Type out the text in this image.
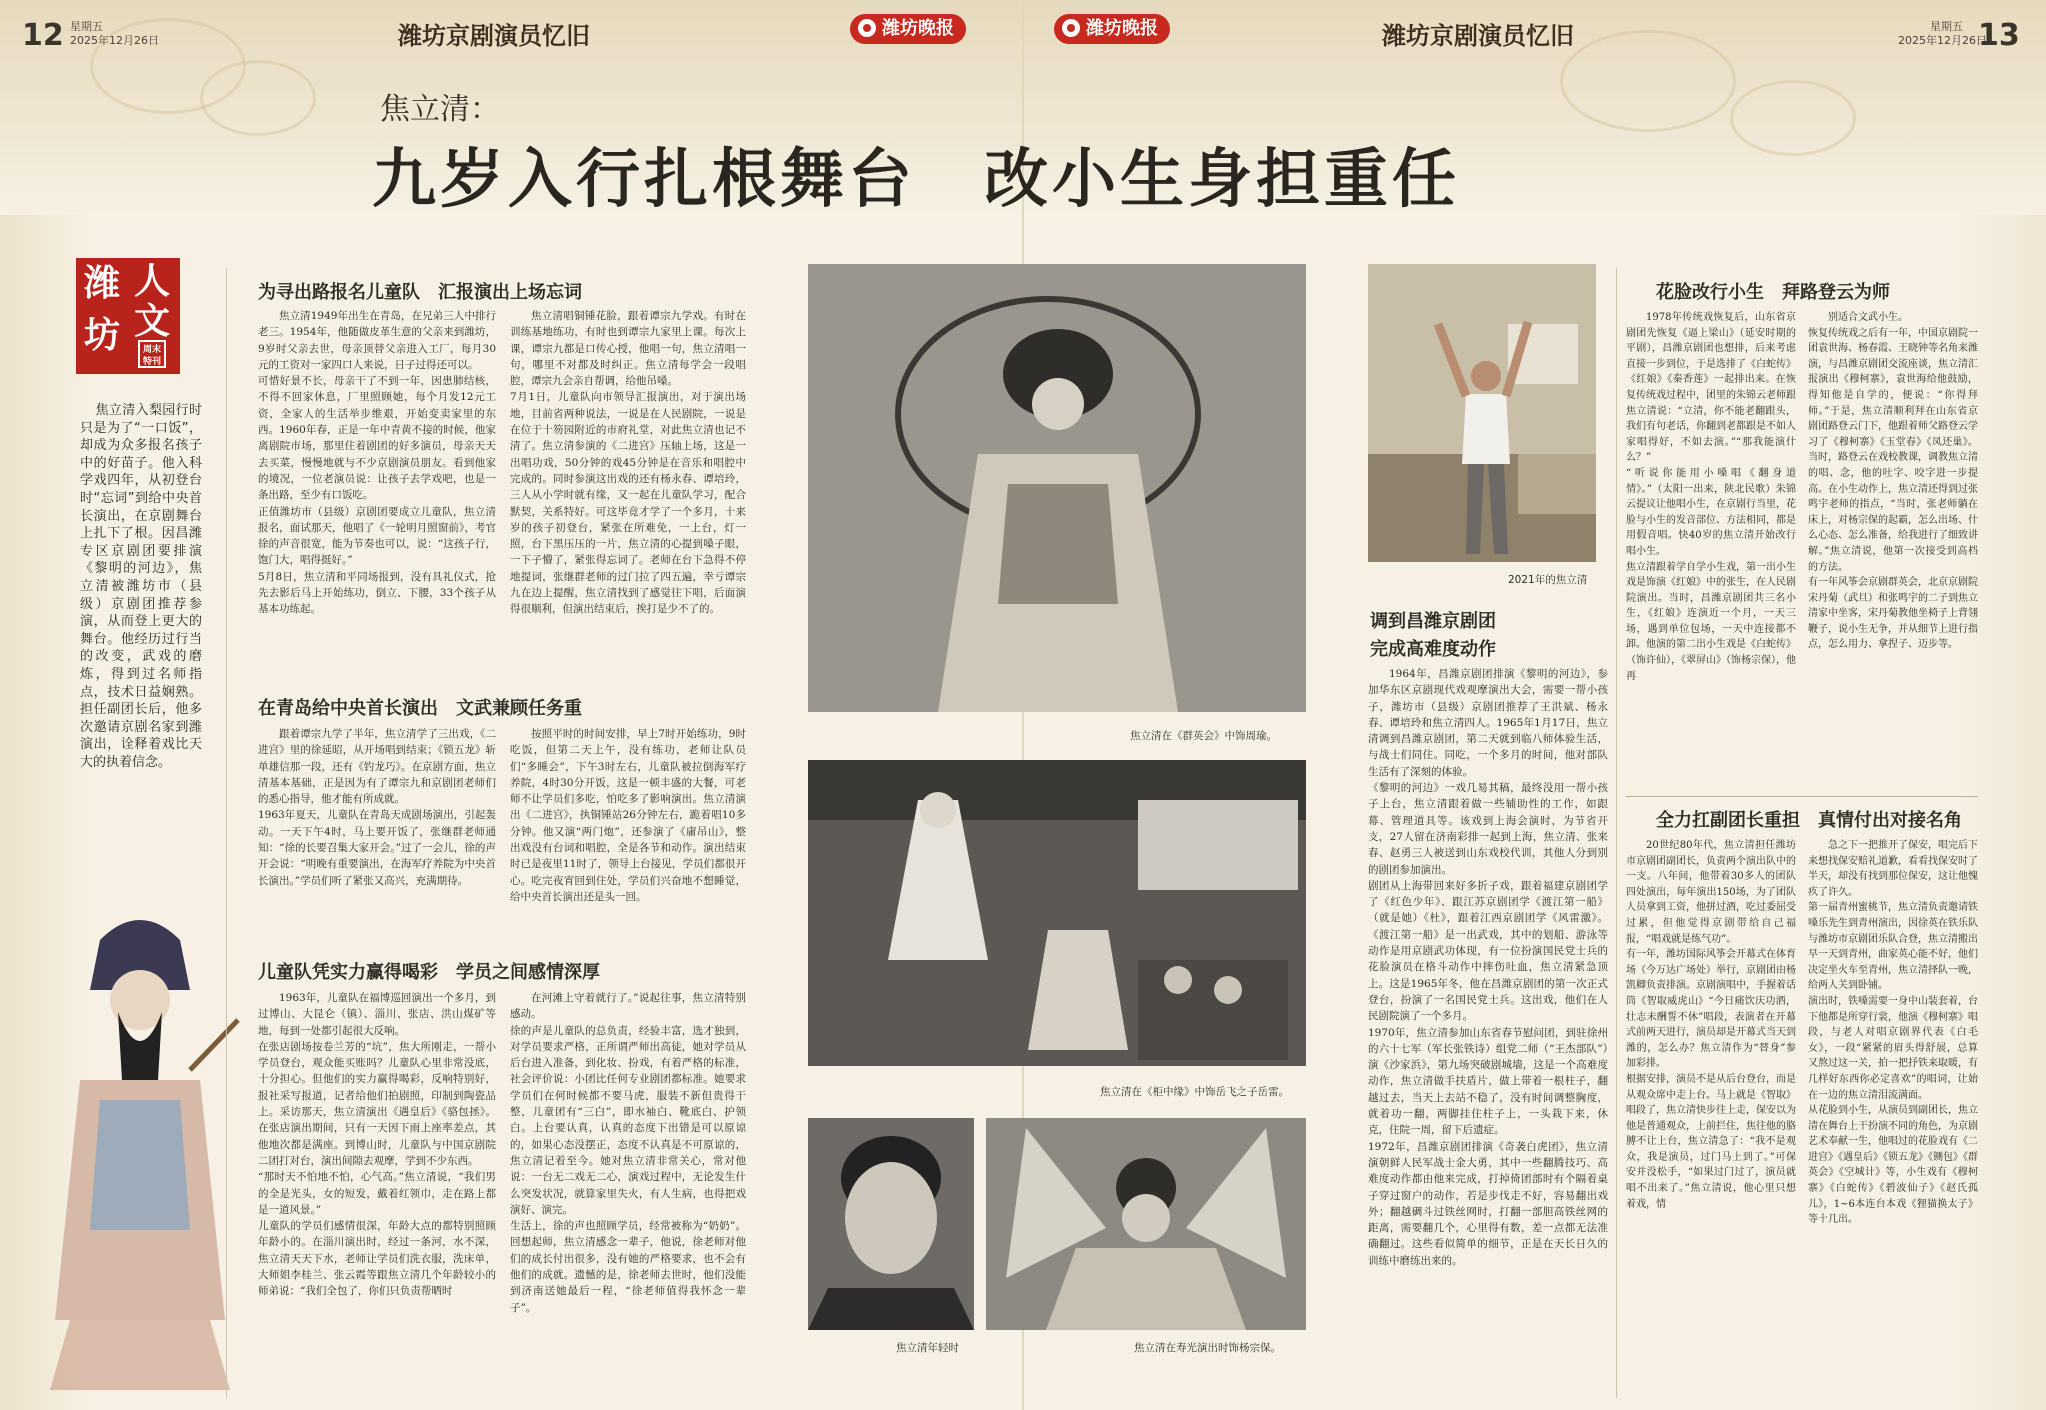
12 星期五
2025年12月26日	潍坊京剧演员忆旧	潍坊晚报	潍坊晚报	潍坊京剧演员忆旧	星期五
2025年12月26日
13
焦立清：
九岁入行扎根舞台　改小生身担重任
潍
坊
人
文
周末特刊
焦立清入梨园行时只是为了“一口饭”，却成为众多报名孩子中的好苗子。他入科学戏四年，从初登台时“忘词”到给中央首长演出，在京剧舞台上扎下了根。因昌潍专区京剧团要排演《黎明的河边》，焦立清被潍坊市（县级）京剧团推荐参演，从而登上更大的舞台。他经历过行当的改变，武戏的磨炼，得到过名师指点，技术日益娴熟。担任副团长后，他多次邀请京剧名家到潍演出，诠释着戏比天大的执着信念。
为寻出路报名儿童队　汇报演出上场忘词
焦立清1949年出生在青岛，在兄弟三人中排行老三。1954年，他随做皮革生意的父亲来到潍坊，9岁时父亲去世，母亲顶替父亲进入工厂，每月30元的工资对一家四口人来说，日子过得还可以。
可惜好景不长，母亲干了不到一年，因患肺结核，不得不回家休息，厂里照顾她，每个月发12元工资，全家人的生活举步维艰，开始变卖家里的东西。1960年春，正是一年中青黄不接的时候，他家离剧院市场，那里住着剧团的好多演员，母亲天天去买菜，慢慢地就与不少京剧演员朋友。看到他家的境况，一位老演员说：让孩子去学戏吧，也是一条出路，至少有口饭吃。
正值潍坊市（县级）京剧团要成立儿童队，焦立清报名，面试那天，他唱了《一轮明月照窗前》，考官徐的声音很宽，能为节奏也可以，说：“这孩子行，饱门大，唱得挺好。”
5月8日，焦立清和平同场报到，没有具礼仪式，抢先去影后马上开始练功，倒立、下腰，33个孩子从基本功练起。
焦立清唱铜锤花脸，跟着谭宗九学戏。有时在训练基地练功，有时也到谭宗九家里上课。每次上课，谭宗九都是口传心授，他唱一句，焦立清唱一句，哪里不对都及时纠正。焦立清每学会一段唱腔，谭宗九会亲自帮调，给他吊嗓。
7月1日，儿童队向市领导汇报演出，对于演出场地，目前省两种说法，一说是在人民剧院，一说是在位于十笏园附近的市府礼堂，对此焦立清也记不清了。焦立清参演的《二进宫》压轴上场，这是一出唱功戏，50分钟的戏45分钟是在音乐和唱腔中完成的。同时参演这出戏的还有杨永春、谭培玲，三人从小学时就有缘，又一起在儿童队学习，配合默契，关系特好。可这毕竟才学了一个多月，十来岁的孩子初登台，紧张在所难免，一上台，灯一照，台下黑压压的一片，焦立清的心提到嗓子眼，一下子懵了，紧张得忘词了。老师在台下急得不停地提词，张继群老师的过门拉了四五遍，幸亏谭宗九在边上提醒，焦立清找到了感觉往下唱，后面演得很顺利，但演出结束后，挨打是少不了的。
在青岛给中央首长演出　文武兼顾任务重
跟着谭宗九学了半年，焦立清学了三出戏，《二进宫》里的徐延昭，从开场唱到结束；《锁五龙》斩单雄信那一段，还有《钓龙巧》。在京剧方面，焦立清基本基础，正是因为有了谭宗九和京剧团老师们的悉心指导，他才能有所成就。
1963年夏天，儿童队在青岛天成剧场演出，引起轰动。一天下午4时，马上要开饭了，张继群老师通知：“徐的长要召集大家开会。”过了一会儿，徐的声开会说：“明晚有重要演出，在海军疗养院为中央首长演出。”学员们听了紧张又高兴，充满期待。
按照平时的时间安排，早上7时开始练功，9时吃饭，但第二天上午，没有练功，老师让队员们“多睡会”，下午3时左右，儿童队被拉倒海军疗养院，4时30分开饭，这是一顿丰盛的大餐，可老师不让学员们多吃，怕吃多了影响演出。焦立清演出《二进宫》，执铜锤站26分钟左右，跪着唱10多分钟。他又演“两门炮”，还参演了《庸吊山》，整出戏没有台词和唱腔，全是各节和动作。演出结束时已是夜里11时了，领导上台接见，学员们都很开心。吃完夜宵回到住处，学员们兴奋地不想睡觉，给中央首长演出还是头一回。
儿童队凭实力赢得喝彩　学员之间感情深厚
1963年，儿童队在福博巡回演出一个多月，到过博山、大昆仑（镇）、淄川、张店、洪山煤矿等地，每到一处都引起很大反响。
在张店剧场按卷兰芳的“坑”，焦大所刚走，一帮小学员登台，观众能买账吗？儿童队心里非常没底，十分担心。但他们的实力赢得喝彩，反响特别好，报社采写报道，记者给他们拍剧照，印制到陶瓷品上。采访那天，焦立清演出《遇皇后》《骆包拯》。在张店演出期间，只有一天因下雨上座率差点，其他地次都是满座。到博山时，儿童队与中国京剧院二团打对台，演出间隙去观摩，学到不少东西。
“那时天不怕地不怕，心气高。”焦立清说，“我们男的全是光头，女的短发，戴着红领巾，走在路上都是一道风景。”
儿童队的学员们感情很深，年龄大点的都特别照顾年龄小的。在淄川演出时，经过一条河，水不深，焦立清天天下水，老师让学员们洗衣服，洗床单，大师姐李桂兰、张云霞等跟焦立清几个年龄较小的师弟说：“我们全包了，你们只负责帮晒时
在河滩上守着就行了。”说起往事，焦立清特别感动。
徐的声是儿童队的总负责，经验丰富，选才独到，对学员要求严格，正所谓严师出高徒，她对学员从后台进入准备，到化妆、扮戏，有着严格的标准，社会评价说：小团比任何专业剧团都标准。她要求学员们在何时候都不要马虎，服装不新但贵得干整，儿童团有“三白”，即水袖白、靴底白、护领白。上台要认真，认真的态度下出错是可以原谅的，如果心态没摆正，态度不认真是不可原谅的，焦立清记着至今。她对焦立清非常关心，常对他说：一台无二戏无二心，演戏过程中，无论发生什么突发状况，就算家里失火，有人生病，也得把戏演好、演完。
生活上，徐的声也照顾学员，经常被称为“奶奶”。回想起师，焦立清感念一辈子，他说，徐老师对他们的成长付出很多，没有她的严格要求，也不会有他们的成就。遗憾的是，徐老师去世时，他们没能到济南送她最后一程，“徐老师值得我怀念一辈子”。
焦立清在《群英会》中饰周瑜。
焦立清在《柜中缘》中饰岳飞之子岳雷。
焦立清年轻时	焦立清在寿光演出时饰杨宗保。
2021年的焦立清
调到昌潍京剧团
完成高难度动作
1964年，昌潍京剧团排演《黎明的河边》，参加华东区京剧现代戏观摩演出大会，需要一帮小孩子，潍坊市（县级）京剧团推荐了王洪斌、杨永春、谭培玲和焦立清四人。1965年1月17日，焦立清调到昌潍京剧团，第二天就到临八师体验生活，与战士们同住。同吃，一个多月的时间，他对部队生活有了深刻的体验。
《黎明的河边》一戏几易其稿，最终没用一帮小孩子上台，焦立清跟着做一些辅助性的工作，如跟幕、管理道具等。该戏到上海会演时，为节省开支，27人留在济南彩排一起到上海，焦立清、张来春、赵勇三人被送到山东戏校代训，其他人分到别的剧团参加演出。
剧团从上海带回来好多折子戏，跟着福建京剧团学了《红色少年》、跟江苏京剧团学《渡江第一船》（就是她）《杜》，跟着江西京剧团学《风雷激》。《渡江第一船》是一出武戏，其中的划船、游泳等动作是用京剧武功体现，有一位扮演国民党士兵的花脸演员在格斗动作中摔伤吐血，焦立清紧急顶上。这是1965年冬，他在昌潍京剧团的第一次正式登台，扮演了一名国民党士兵。这出戏，他们在人民剧院演了一个多月。
1970年，焦立清参加山东省春节慰问团，到驻徐州的六十七军（军长张铁诗）组党二师（“王杰部队”）演《沙家浜》，第九场突破剧城墙，这是一个高难度动作，焦立清做手扶盾片，做上带着一根柱子，翻越过去，当天上去站不稳了，没有时间调整胸度，就着功一翻，两脚挂住柱子上，一头栽下来，休克，住院一周，留下后遗症。
1972年，昌潍京剧团排演《奇袭白虎团》，焦立清演朝鲜人民军战士金大勇，其中一些翻腾技巧、高难度动作都由他来完成，打掉倚团部时有个隔着桌子穿过窗户的动作，若是步伐走不好，容易翻出戏外；翻越碉斗过铁丝网时，打翻一部胆高铁丝网的距离，需要翻几个，心里得有数，差一点都无法准确翻过。这些看似简单的细节，正是在天长日久的训练中磨练出来的。
花脸改行小生　拜路登云为师
1978年传统戏恢复后，山东省京剧团先恢复《逼上梁山》（延安时期的平剧），昌潍京剧团也想排，后来考虑直接一步到位，于是选排了《白蛇传》《红娘》《秦香莲》一起排出来。在恢复传统戏过程中，团里的朱锦云老师跟焦立清说：“立清，你不能老翻跟头，我们有句老话，你翻到老都跟是不如人家唱得好，不如去演。”“那我能演什么？”
“听说你能用小嗓唱《翻身道情》。”（太阳一出来，陕北民歌）朱锦云提议让他唱小生，在京剧行当里，花脸与小生的发音部位、方法相同，都是用假音唱。快40岁的焦立清开始改行唱小生。
焦立清跟着学自学小生戏，第一出小生戏是饰演《红娘》中的张生，在人民剧院演出。当时，昌潍京剧团共三名小生，《红娘》连演近一个月，一天三场，遇到单位包场，一天中连接都不卸。他演的第二出小生戏是《白蛇传》（饰许仙），《翠屏山》（饰杨宗保），他再
别适合文武小生。
恢复传统戏之后有一年，中国京剧院一团袁世海、杨春霞、王晓钟等名角来潍演，与昌潍京剧团交流座谈，焦立清汇报演出《穆柯寨》，袁世海给他鼓励，得知他是自学的，便说：“你得拜师。”于是，焦立清顺利拜在山东省京剧团路登云门下，他跟着师父路登云学习了《穆柯寨》《玉堂春》《凤还巢》。当时，路登云在戏校教课，调教焦立清的唱、念，他的吐字、咬字进一步提高。在小生动作上，焦立清还得到过张鸣宇老师的指点，“当时，张老师躺在床上，对杨宗保的起霸，怎么出场、什么心态、怎么准备，给我进行了细致讲解。”焦立清说，他第一次接受到高档的方法。
有一年风筝会京剧群英会，北京京剧院宋丹菊（武旦）和张鸣宇的二子到焦立清家中坐客，宋丹菊教他坐椅子上背翎鞭子，说小生无争，并从细节上进行指点，怎么用力、拿捏子、迈步等。
全力扛副团长重担　真情付出对接名角
20世纪80年代，焦立清担任潍坊市京剧团副团长，负责两个演出队中的一支。八年间，他带着30多人的团队四处演出，每年演出150场，为了团队人员拿到工资，他拼过酒，吃过委屈受过累，但他觉得京剧带给自己福报，“唱戏就是练气功”。
有一年，潍坊国际风筝会开幕式在体育场（今万达广场处）举行，京剧团由杨凯卿负责排演。京剧演唱中，手握着话筒《智取威虎山》“今日痛饮庆功酒，壮志未酬誓不休”唱段，表演者在开幕式前两天进行，演员却是开幕式当天到潍的，怎么办？焦立清作为“替身”参加彩排。
根据安排，演员不是从后台登台，而是从观众席中走上台。马上就是《智取》唱段了，焦立清快步往上走，保安以为他是普通观众，上前拦住，焦往他的胳膊不让上台，焦立清急了：“我不是观众，我是演员，过门马上到了。”可保安并没松手，“如果过门过了，演员就唱不出来了。”焦立清说，他心里只想着戏，情
急之下一把推开了保安，唱完后下来想找保安赔礼道歉，看看找保安时了半天，却没有找到那位保安，这让他愧疚了许久。
第一届青州蜜桃节，焦立清负责邀请铁嗓乐先生到青州演出，因徐英在铁乐队与潍坊市京剧团乐队合登，焦立清搬出早一天到青州，曲家英心能不好，他们决定坐火车至青州，焦立清择队一晚，给两人关到卧铺。
演出时，铁嗓需要一身中山装套着，台下他都是所穿行裳，他演《穆柯寨》唱段，与老人对唱京剧界代表《白毛女》，一段“紧紧的眉头得舒展，总算又熬过这一关，拍一把抒铁来取暖，有几样好东西你必定喜欢”的唱词，让始在一边的焦立清泪流满面。
从花脸到小生，从演员到副团长，焦立清在舞台上干扮演不同的角色，为京剧艺术奉献一生，他唱过的花脸戏有《二进宫》《遇皇后》《锁五龙》《铡包》《群英会》《空城计》等，小生戏有《穆柯寨》《白蛇传》《碧波仙子》《赵氏孤儿》，1~6本连台本戏《狸猫换太子》等十几出。
